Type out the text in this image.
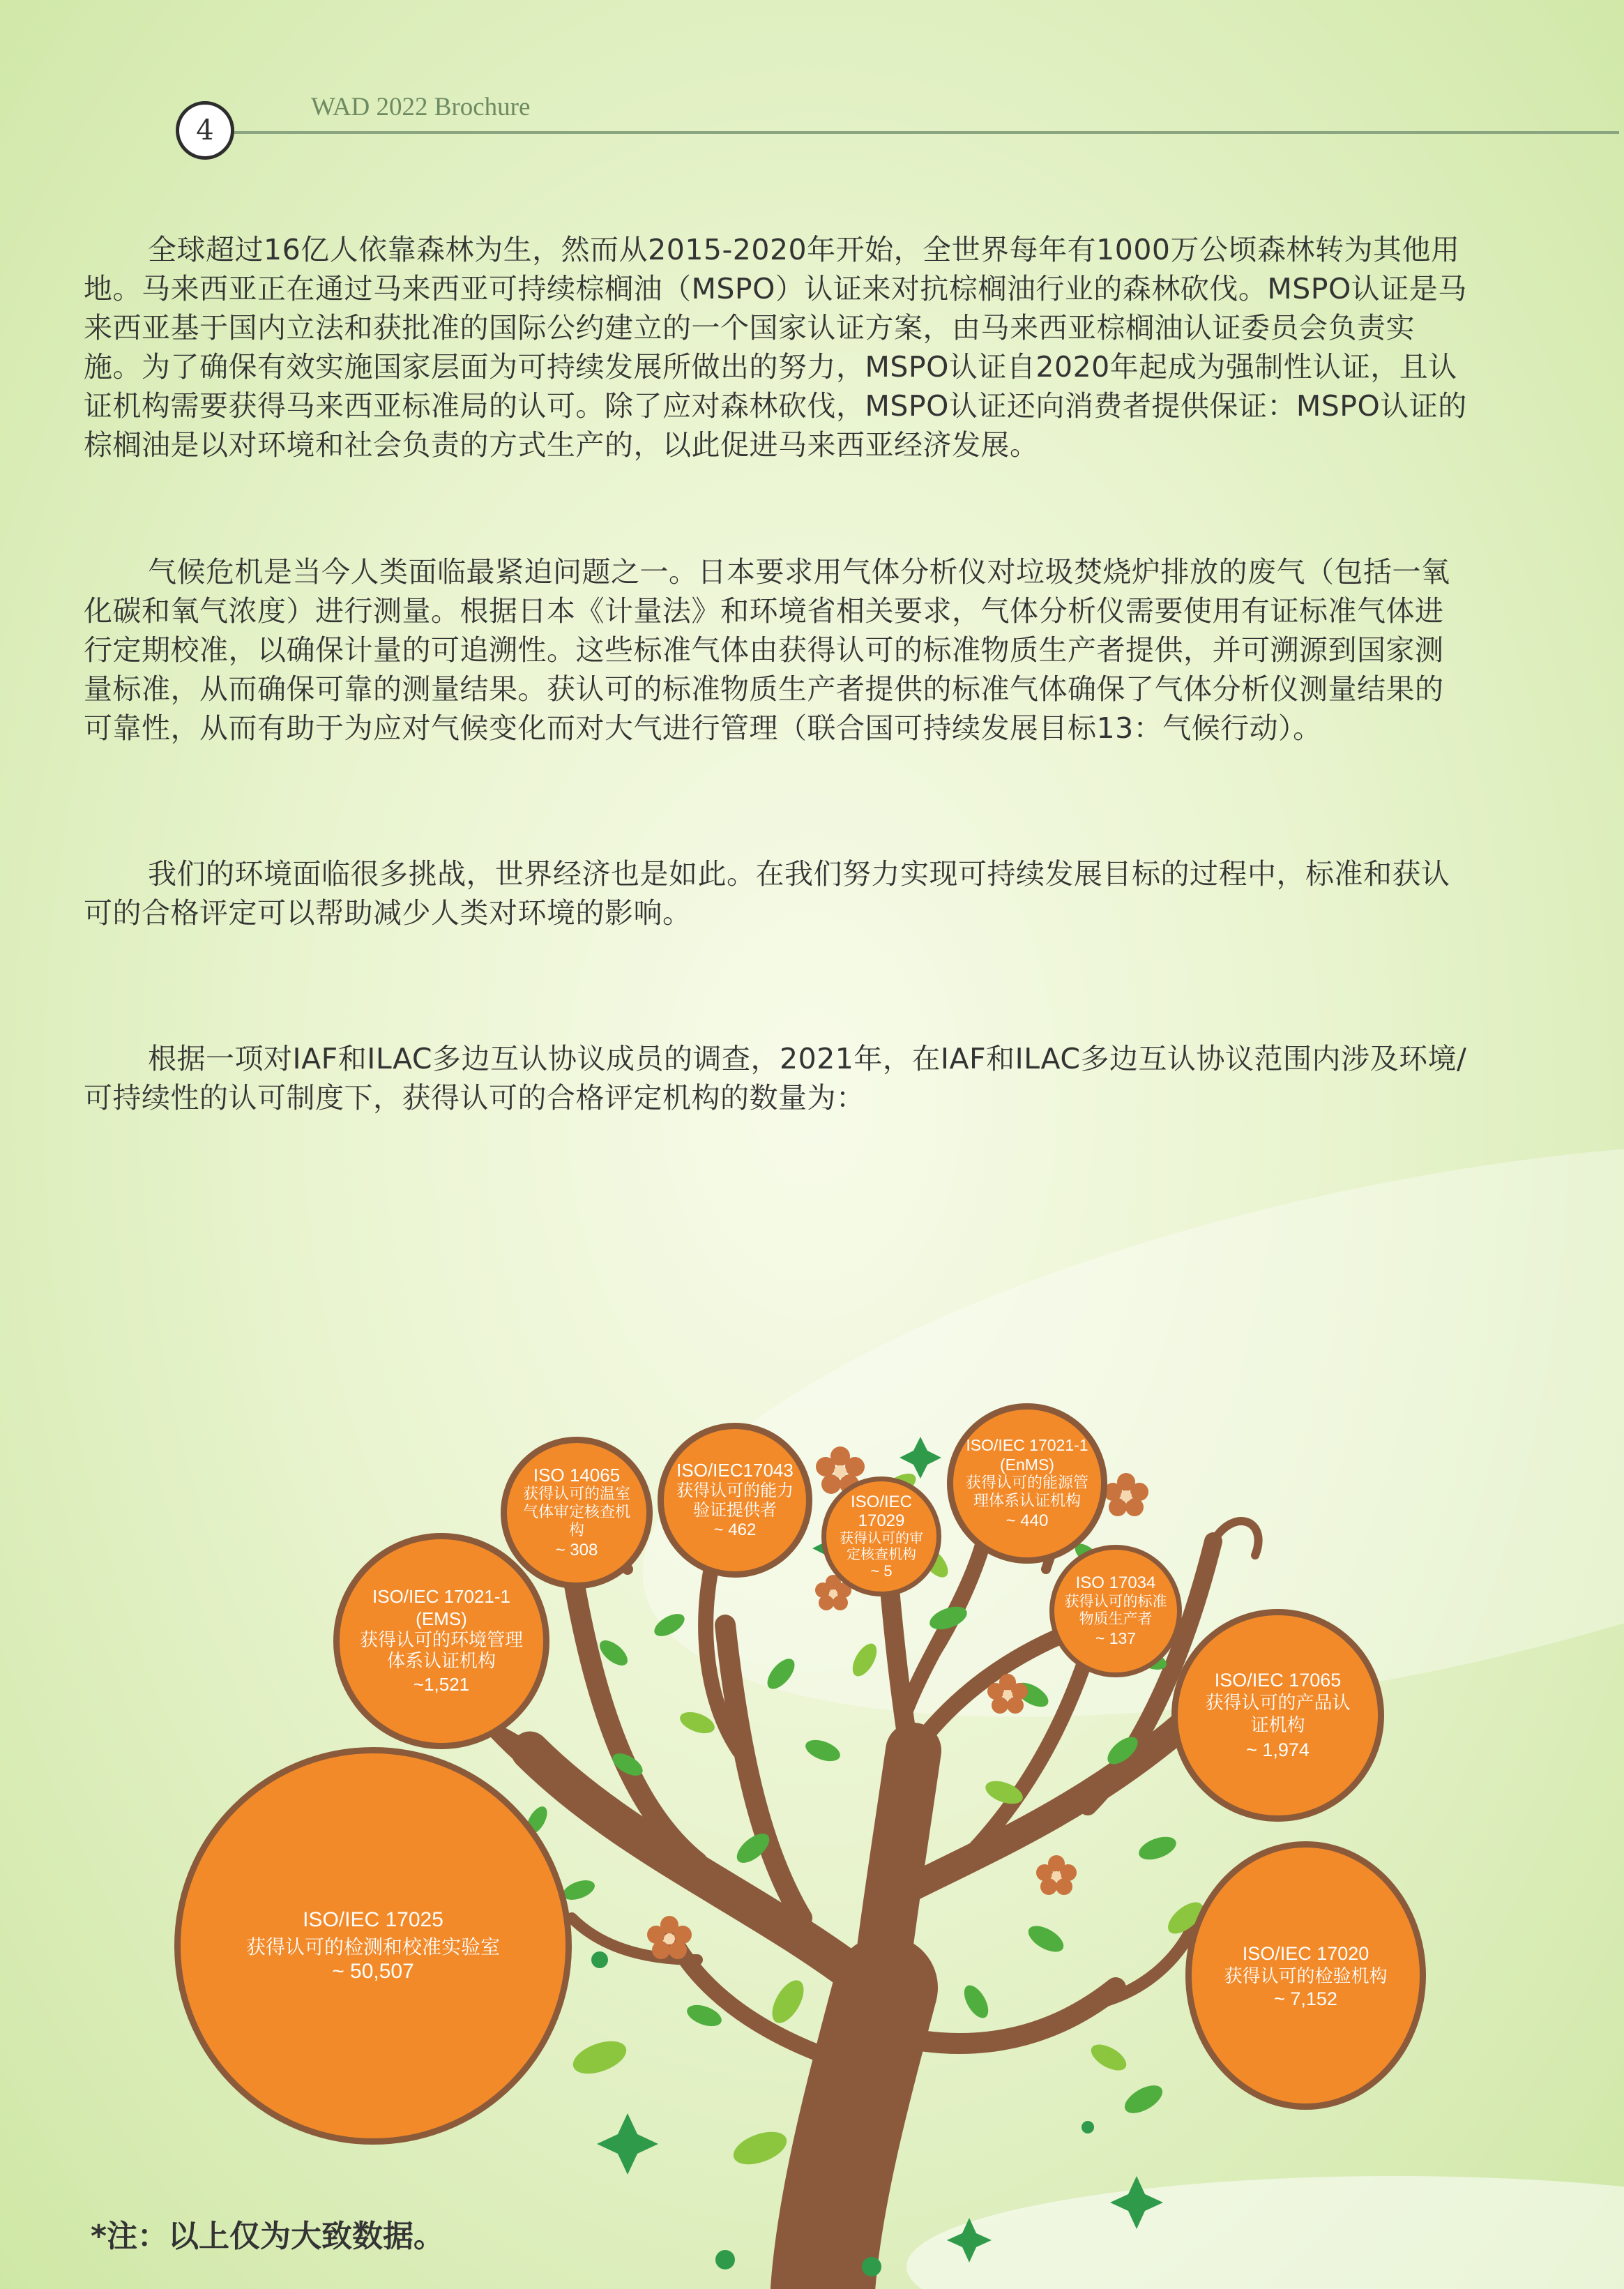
4
WAD 2022 Brochure

全球超过16亿人依靠森林为生，然而从2015-2020年开始，全世界每年有1000万公顷森林转为其他用地。马来西亚正在通过马来西亚可持续棕榈油（MSPO）认证来对抗棕榈油行业的森林砍伐。MSPO认证是马来西亚基于国内立法和获批准的国际公约建立的一个国家认证方案，由马来西亚棕榈油认证委员会负责实施。为了确保有效实施国家层面为可持续发展所做出的努力，MSPO认证自2020年起成为强制性认证，且认证机构需要获得马来西亚标准局的认可。除了应对森林砍伐，MSPO认证还向消费者提供保证：MSPO认证的棕榈油是以对环境和社会负责的方式生产的，以此促进马来西亚经济发展。

气候危机是当今人类面临最紧迫问题之一。日本要求用气体分析仪对垃圾焚烧炉排放的废气（包括一氧化碳和氧气浓度）进行测量。根据日本《计量法》和环境省相关要求，气体分析仪需要使用有证标准气体进行定期校准，以确保计量的可追溯性。这些标准气体由获得认可的标准物质生产者提供，并可溯源到国家测量标准，从而确保可靠的测量结果。获认可的标准物质生产者提供的标准气体确保了气体分析仪测量结果的可靠性，从而有助于为应对气候变化而对大气进行管理（联合国可持续发展目标13：气候行动）。

我们的环境面临很多挑战，世界经济也是如此。在我们努力实现可持续发展目标的过程中，标准和获认可的合格评定可以帮助减少人类对环境的影响。

根据一项对IAF和ILAC多边互认协议成员的调查，2021年，在IAF和ILAC多边互认协议范围内涉及环境/可持续性的认可制度下，获得认可的合格评定机构的数量为：

ISO/IEC 17025
获得认可的检测和校准实验室
~ 50,507
ISO/IEC 17021-1 (EMS)
获得认可的环境管理体系认证机构
~1,521
ISO 14065
获得认可的温室气体审定核查机构
~ 308
ISO/IEC17043
获得认可的能力验证提供者
~ 462
ISO/IEC 17029
获得认可的审定核查机构
~ 5
ISO/IEC 17021-1 (EnMS)
获得认可的能源管理体系认证机构
~ 440
ISO 17034
获得认可的标准物质生产者
~ 137
ISO/IEC 17065
获得认可的产品认证机构
~ 1,974
ISO/IEC 17020
获得认可的检验机构
~ 7,152
*注：以上仅为大致数据。
